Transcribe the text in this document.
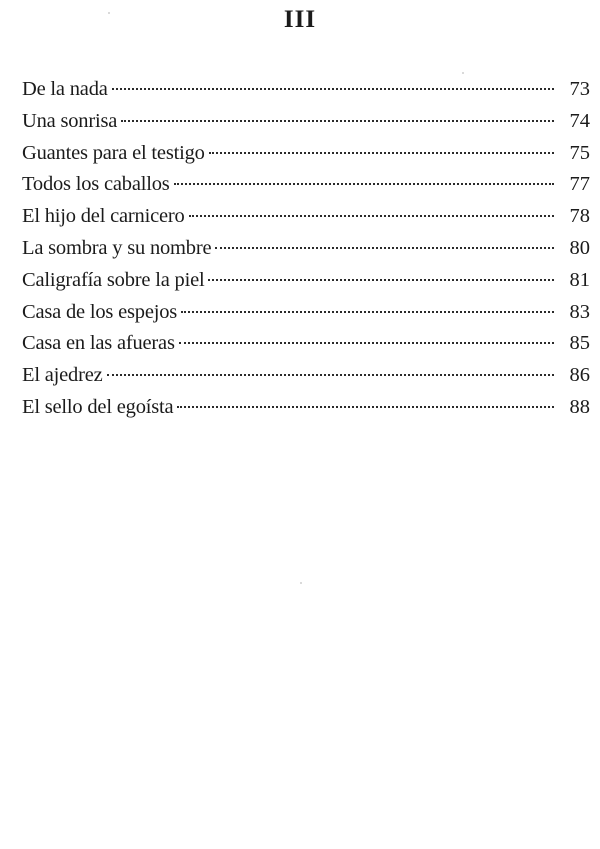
III
De la nada	73
Una sonrisa	74
Guantes para el testigo	75
Todos los caballos	77
El hijo del carnicero	78
La sombra y su nombre	80
Caligrafía sobre la piel	81
Casa de los espejos	83
Casa en las afueras	85
El ajedrez	86
El sello del egoísta	88
